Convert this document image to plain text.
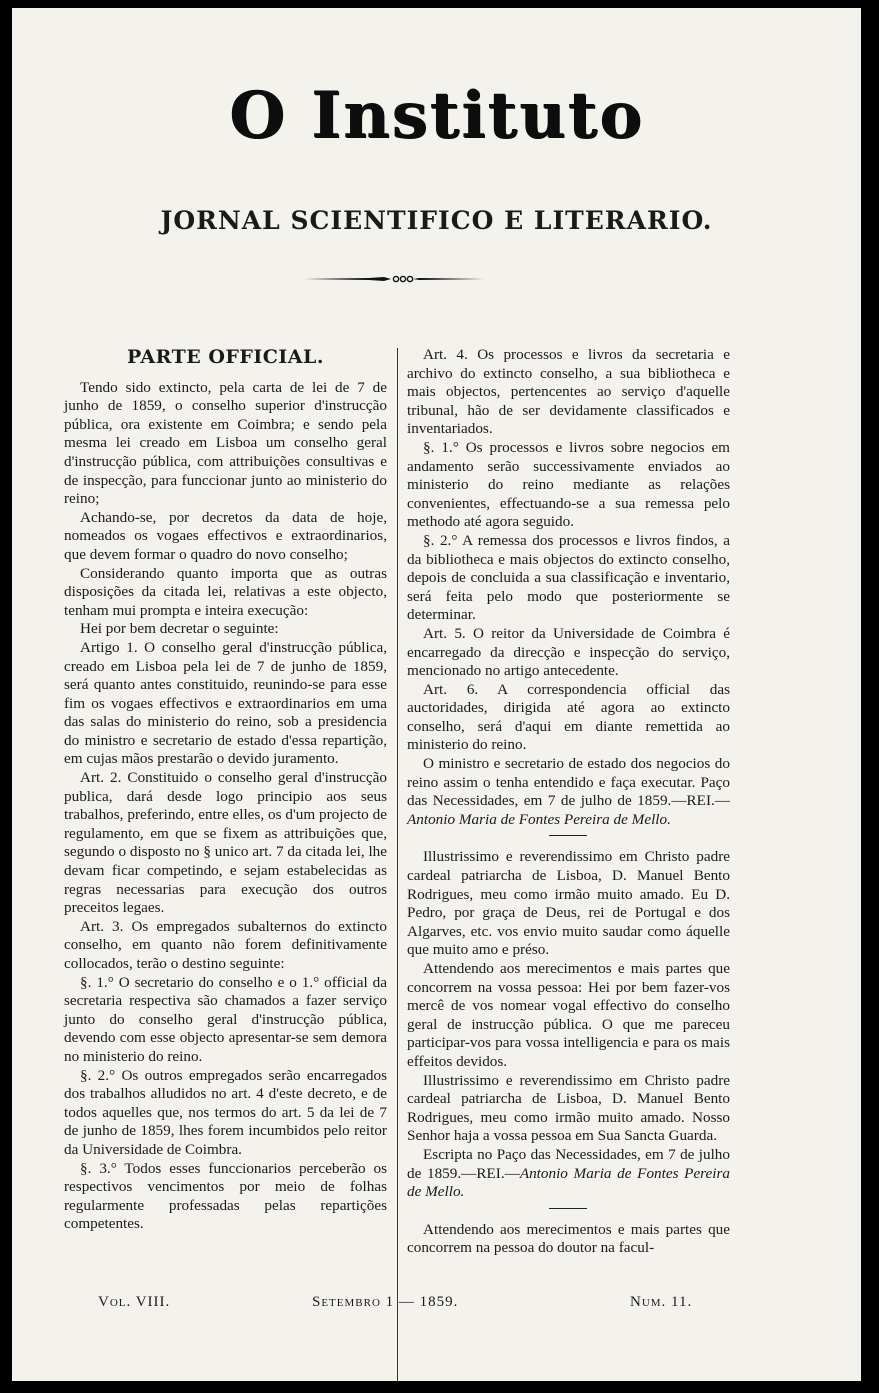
O Instituto
JORNAL SCIENTIFICO E LITERARIO.
PARTE OFFICIAL.

Tendo sido extincto, pela carta de lei de 7 de junho de 1859, o conselho superior d'instrucção pública, ora existente em Coimbra; e sendo pela mesma lei creado em Lisboa um conselho geral d'instrucção pública, com attribuições consultivas e de inspecção, para funccionar junto ao ministerio do reino;

Achando-se, por decretos da data de hoje, nomeados os vogaes effectivos e extraordinarios, que devem formar o quadro do novo conselho;

Considerando quanto importa que as outras disposições da citada lei, relativas a este objecto, tenham mui prompta e inteira execução:

Hei por bem decretar o seguinte:

Artigo 1. O conselho geral d'instrucção pública, creado em Lisboa pela lei de 7 de junho de 1859, será quanto antes constituido, reunindo-se para esse fim os vogaes effectivos e extraordinarios em uma das salas do ministerio do reino, sob a presidencia do ministro e secretario de estado d'essa repartição, em cujas mãos prestarão o devido juramento.

Art. 2. Constituido o conselho geral d'instrucção publica, dará desde logo principio aos seus trabalhos, preferindo, entre elles, os d'um projecto de regulamento, em que se fixem as attribuições que, segundo o disposto no § unico art. 7 da citada lei, lhe devam ficar competindo, e sejam estabelecidas as regras necessarias para execução dos outros preceitos legaes.

Art. 3. Os empregados subalternos do extincto conselho, em quanto não forem definitivamente collocados, terão o destino seguinte:

§. 1.° O secretario do conselho e o 1.° official da secretaria respectiva são chamados a fazer serviço junto do conselho geral d'instrucção pública, devendo com esse objecto apresentar-se sem demora no ministerio do reino.

§. 2.° Os outros empregados serão encarregados dos trabalhos alludidos no art. 4 d'este decreto, e de todos aquelles que, nos termos do art. 5 da lei de 7 de junho de 1859, lhes forem incumbidos pelo reitor da Universidade de Coimbra.

§. 3.° Todos esses funccionarios perceberão os respectivos vencimentos por meio de folhas regularmente professadas pelas repartições competentes.

Art. 4. Os processos e livros da secretaria e archivo do extincto conselho, a sua bibliotheca e mais objectos, pertencentes ao serviço d'aquelle tribunal, hão de ser devidamente classificados e inventariados.

§. 1.° Os processos e livros sobre negocios em andamento serão successivamente enviados ao ministerio do reino mediante as relações convenientes, effectuando-se a sua remessa pelo methodo até agora seguido.

§. 2.° A remessa dos processos e livros findos, a da bibliotheca e mais objectos do extincto conselho, depois de concluida a sua classificação e inventario, será feita pelo modo que posteriormente se determinar.

Art. 5. O reitor da Universidade de Coimbra é encarregado da direcção e inspecção do serviço, mencionado no artigo antecedente.

Art. 6. A correspondencia official das auctoridades, dirigida até agora ao extincto conselho, será d'aqui em diante remettida ao ministerio do reino.

O ministro e secretario de estado dos negocios do reino assim o tenha entendido e faça executar. Paço das Necessidades, em 7 de julho de 1859.—REI.—Antonio Maria de Fontes Pereira de Mello.

Illustrissimo e reverendissimo em Christo padre cardeal patriarcha de Lisboa, D. Manuel Bento Rodrigues, meu como irmão muito amado. Eu D. Pedro, por graça de Deus, rei de Portugal e dos Algarves, etc. vos envio muito saudar como áquelle que muito amo e préso.

Attendendo aos merecimentos e mais partes que concorrem na vossa pessoa: Hei por bem fazer-vos mercê de vos nomear vogal effectivo do conselho geral de instrucção pública. O que me pareceu participar-vos para vossa intelligencia e para os mais effeitos devidos.

Illustrissimo e reverendissimo em Christo padre cardeal patriarcha de Lisboa, D. Manuel Bento Rodrigues, meu como irmão muito amado. Nosso Senhor haja a vossa pessoa em Sua Sancta Guarda.

Escripta no Paço das Necessidades, em 7 de julho de 1859.—REI.—Antonio Maria de Fontes Pereira de Mello.

Attendendo aos merecimentos e mais partes que concorrem na pessoa do doutor na facul-

Vol. VIII.	Setembro 1 — 1859.	Num. 11.
